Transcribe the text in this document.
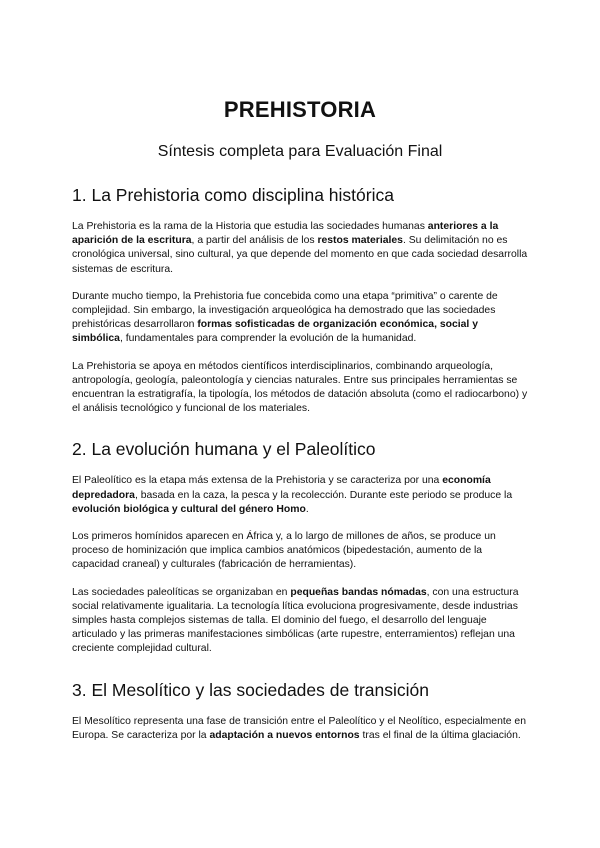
PREHISTORIA
Síntesis completa para Evaluación Final
1. La Prehistoria como disciplina histórica

La Prehistoria es la rama de la Historia que estudia las sociedades humanas anteriores a la aparición de la escritura, a partir del análisis de los restos materiales. Su delimitación no es cronológica universal, sino cultural, ya que depende del momento en que cada sociedad desarrolla sistemas de escritura.

Durante mucho tiempo, la Prehistoria fue concebida como una etapa “primitiva” o carente de complejidad. Sin embargo, la investigación arqueológica ha demostrado que las sociedades prehistóricas desarrollaron formas sofisticadas de organización económica, social y simbólica, fundamentales para comprender la evolución de la humanidad.

La Prehistoria se apoya en métodos científicos interdisciplinarios, combinando arqueología, antropología, geología, paleontología y ciencias naturales. Entre sus principales herramientas se encuentran la estratigrafía, la tipología, los métodos de datación absoluta (como el radiocarbono) y el análisis tecnológico y funcional de los materiales.

2. La evolución humana y el Paleolítico

El Paleolítico es la etapa más extensa de la Prehistoria y se caracteriza por una economía depredadora, basada en la caza, la pesca y la recolección. Durante este periodo se produce la evolución biológica y cultural del género Homo.

Los primeros homínidos aparecen en África y, a lo largo de millones de años, se produce un proceso de hominización que implica cambios anatómicos (bipedestación, aumento de la capacidad craneal) y culturales (fabricación de herramientas).

Las sociedades paleolíticas se organizaban en pequeñas bandas nómadas, con una estructura social relativamente igualitaria. La tecnología lítica evoluciona progresivamente, desde industrias simples hasta complejos sistemas de talla. El dominio del fuego, el desarrollo del lenguaje articulado y las primeras manifestaciones simbólicas (arte rupestre, enterramientos) reflejan una creciente complejidad cultural.

3. El Mesolítico y las sociedades de transición

El Mesolítico representa una fase de transición entre el Paleolítico y el Neolítico, especialmente en Europa. Se caracteriza por la adaptación a nuevos entornos tras el final de la última glaciación.
